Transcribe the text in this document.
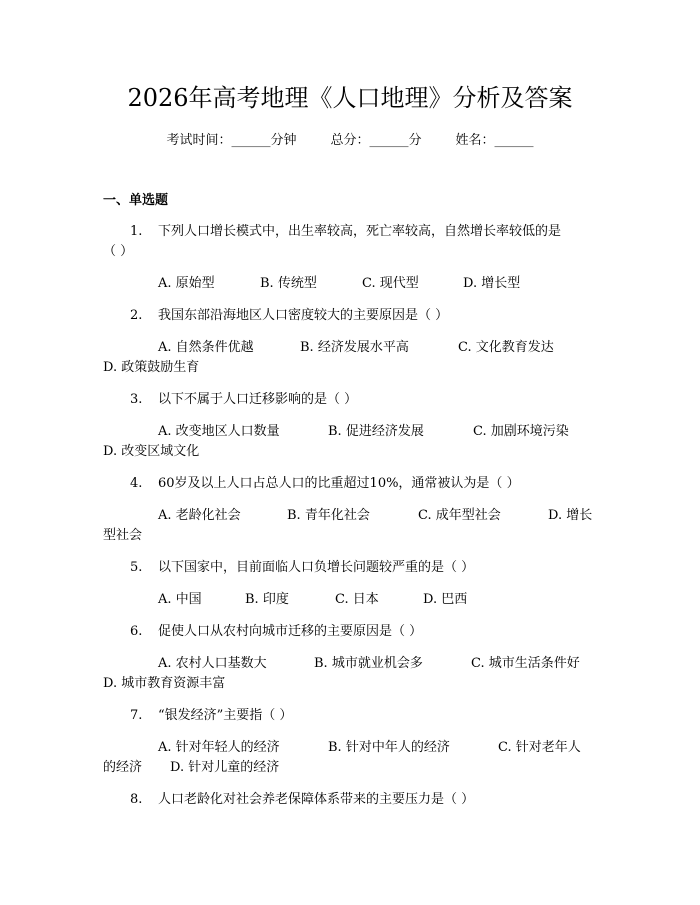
2026年高考地理《人口地理》分析及答案
考试时间：______分钟	总分：______分	姓名：______
一、单选题
1. 下列人口增长模式中，出生率较高，死亡率较高，自然增长率较低的是
（ ）
A. 原始型	B. 传统型	C. 现代型	D. 增长型
2. 我国东部沿海地区人口密度较大的主要原因是（ ）
A. 自然条件优越	B. 经济发展水平高	C. 文化教育发达
D. 政策鼓励生育
3. 以下不属于人口迁移影响的是（ ）
A. 改变地区人口数量	B. 促进经济发展	C. 加剧环境污染
D. 改变区域文化
4. 60岁及以上人口占总人口的比重超过10%，通常被认为是（ ）
A. 老龄化社会	B. 青年化社会	C. 成年型社会	D. 增长
型社会
5. 以下国家中，目前面临人口负增长问题较严重的是（ ）
A. 中国	B. 印度	C. 日本	D. 巴西
6. 促使人口从农村向城市迁移的主要原因是（ ）
A. 农村人口基数大	B. 城市就业机会多	C. 城市生活条件好
D. 城市教育资源丰富
7. “银发经济”主要指（ ）
A. 针对年轻人的经济	B. 针对中年人的经济	C. 针对老年人
的经济 D. 针对儿童的经济
8. 人口老龄化对社会养老保障体系带来的主要压力是（ ）
